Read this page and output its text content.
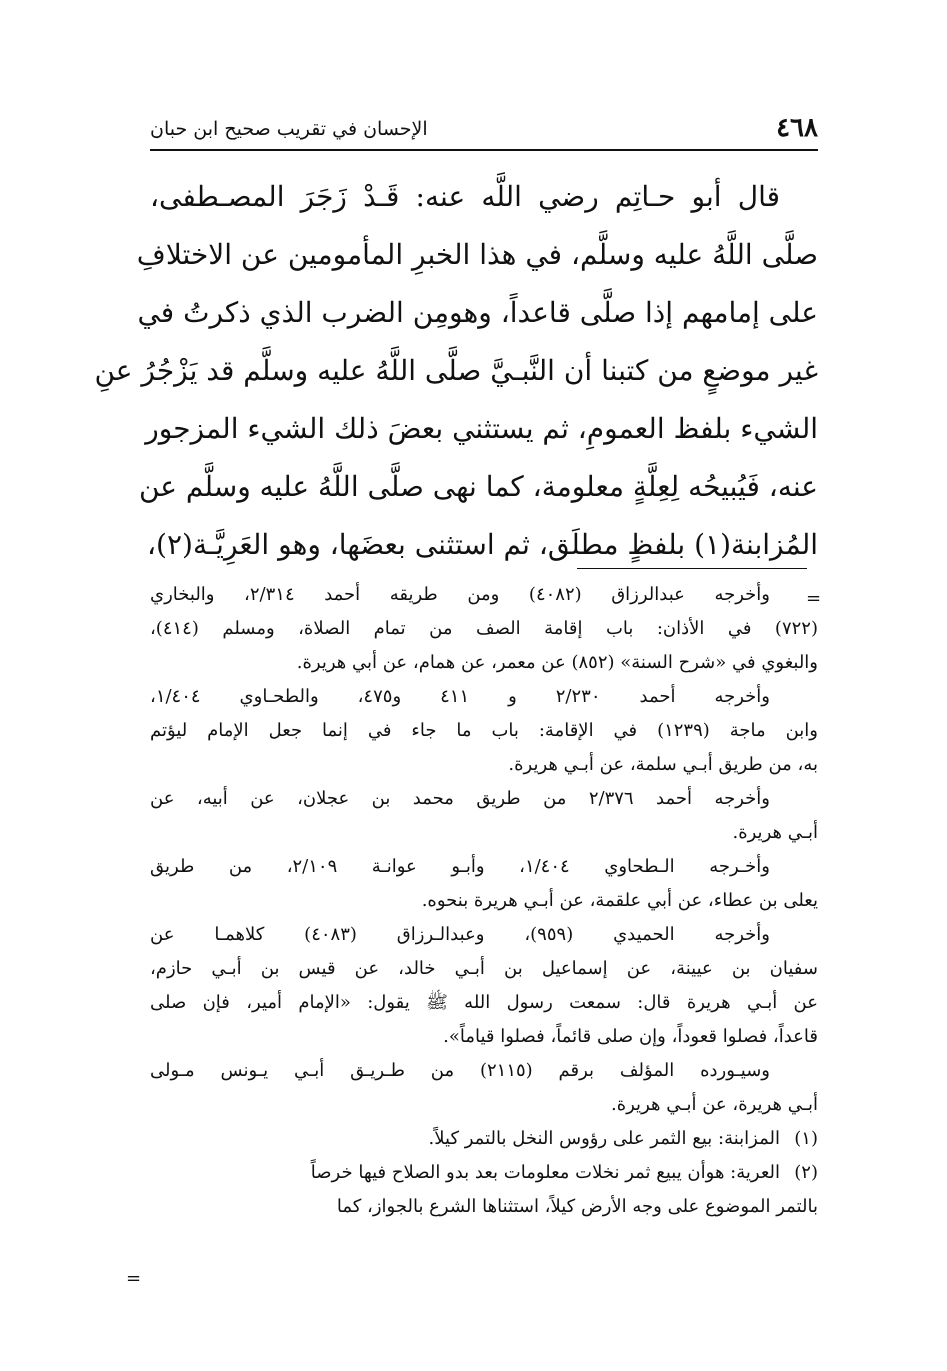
٤٦٨
الإحسان في تقريب صحيح ابن حبان
قال أبو حـاتِم رضي اللَّه عنه: قَـدْ زَجَرَ المصـطفى،
صلَّى اللَّهُ عليه وسلَّم، في هذا الخبرِ المأمومين عن الاختلافِ
على إمامهم إذا صلَّى قاعداً، وهومِن الضرب الذي ذكرتُ في
غير موضعٍ من كتبنا أن النَّبـيَّ صلَّى اللَّهُ عليه وسلَّم قد يَزْجُرُ عنِ
الشيء بلفظ العمومِ، ثم يستثني بعضَ ذلك الشيء المزجور
عنه، فَيُبيحُه لِعِلَّةٍ معلومة، كما نهى صلَّى اللَّهُ عليه وسلَّم عن
المُزابنة(١) بلفظٍ مطلَق، ثم استثنى بعضَها، وهو العَرِيَّـة(٢)،
=
وأخرجه عبدالرزاق (٤٠٨٢) ومن طريقه أحمد ٢/٣١٤، والبخاري
(٧٢٢) في الأذان: باب إقامة الصف من تمام الصلاة، ومسلم (٤١٤)،
والبغوي في «شرح السنة» (٨٥٢) عن معمر، عن همام، عن أبي هريرة.
وأخرجه أحمد ٢/٢٣٠ و ٤١١ و٤٧٥، والطحـاوي ١/٤٠٤،
وابن ماجة (١٢٣٩) في الإقامة: باب ما جاء في إنما جعل الإمام ليؤتم
به، من طريق أبـي سلمة، عن أبـي هريرة.
وأخرجه أحمد ٢/٣٧٦ من طريق محمد بن عجلان، عن أبيه، عن
أبـي هريرة.
وأخـرجه الـطحاوي ١/٤٠٤، وأبـو عوانـة ٢/١٠٩، من طريق
يعلى بن عطاء، عن أبي علقمة، عن أبـي هريرة بنحوه.
وأخرجه الحميدي (٩٥٩)، وعبدالـرزاق (٤٠٨٣) كلاهمـا عن
سفيان بن عيينة، عن إسماعيل بن أبـي خالد، عن قيس بن أبـي حازم،
عن أبـي هريرة قال: سمعت رسول الله ﷺ يقول: «الإمام أمير، فإن صلى
قاعداً، فصلوا قعوداً، وإن صلى قائماً، فصلوا قياماً».
وسيـورده المؤلف برقم (٢١١٥) من طـريـق أبـي يـونس مـولى
أبـي هريرة، عن أبـي هريرة.
(١)المزابنة: بيع الثمر على رؤوس النخل بالتمر كيلاً.
(٢)العرية: هوأن يبيع ثمر نخلات معلومات بعد بدو الصلاح فيها خرصاً
بالتمر الموضوع على وجه الأرض كيلاً، استثناها الشرع بالجواز، كما
=
